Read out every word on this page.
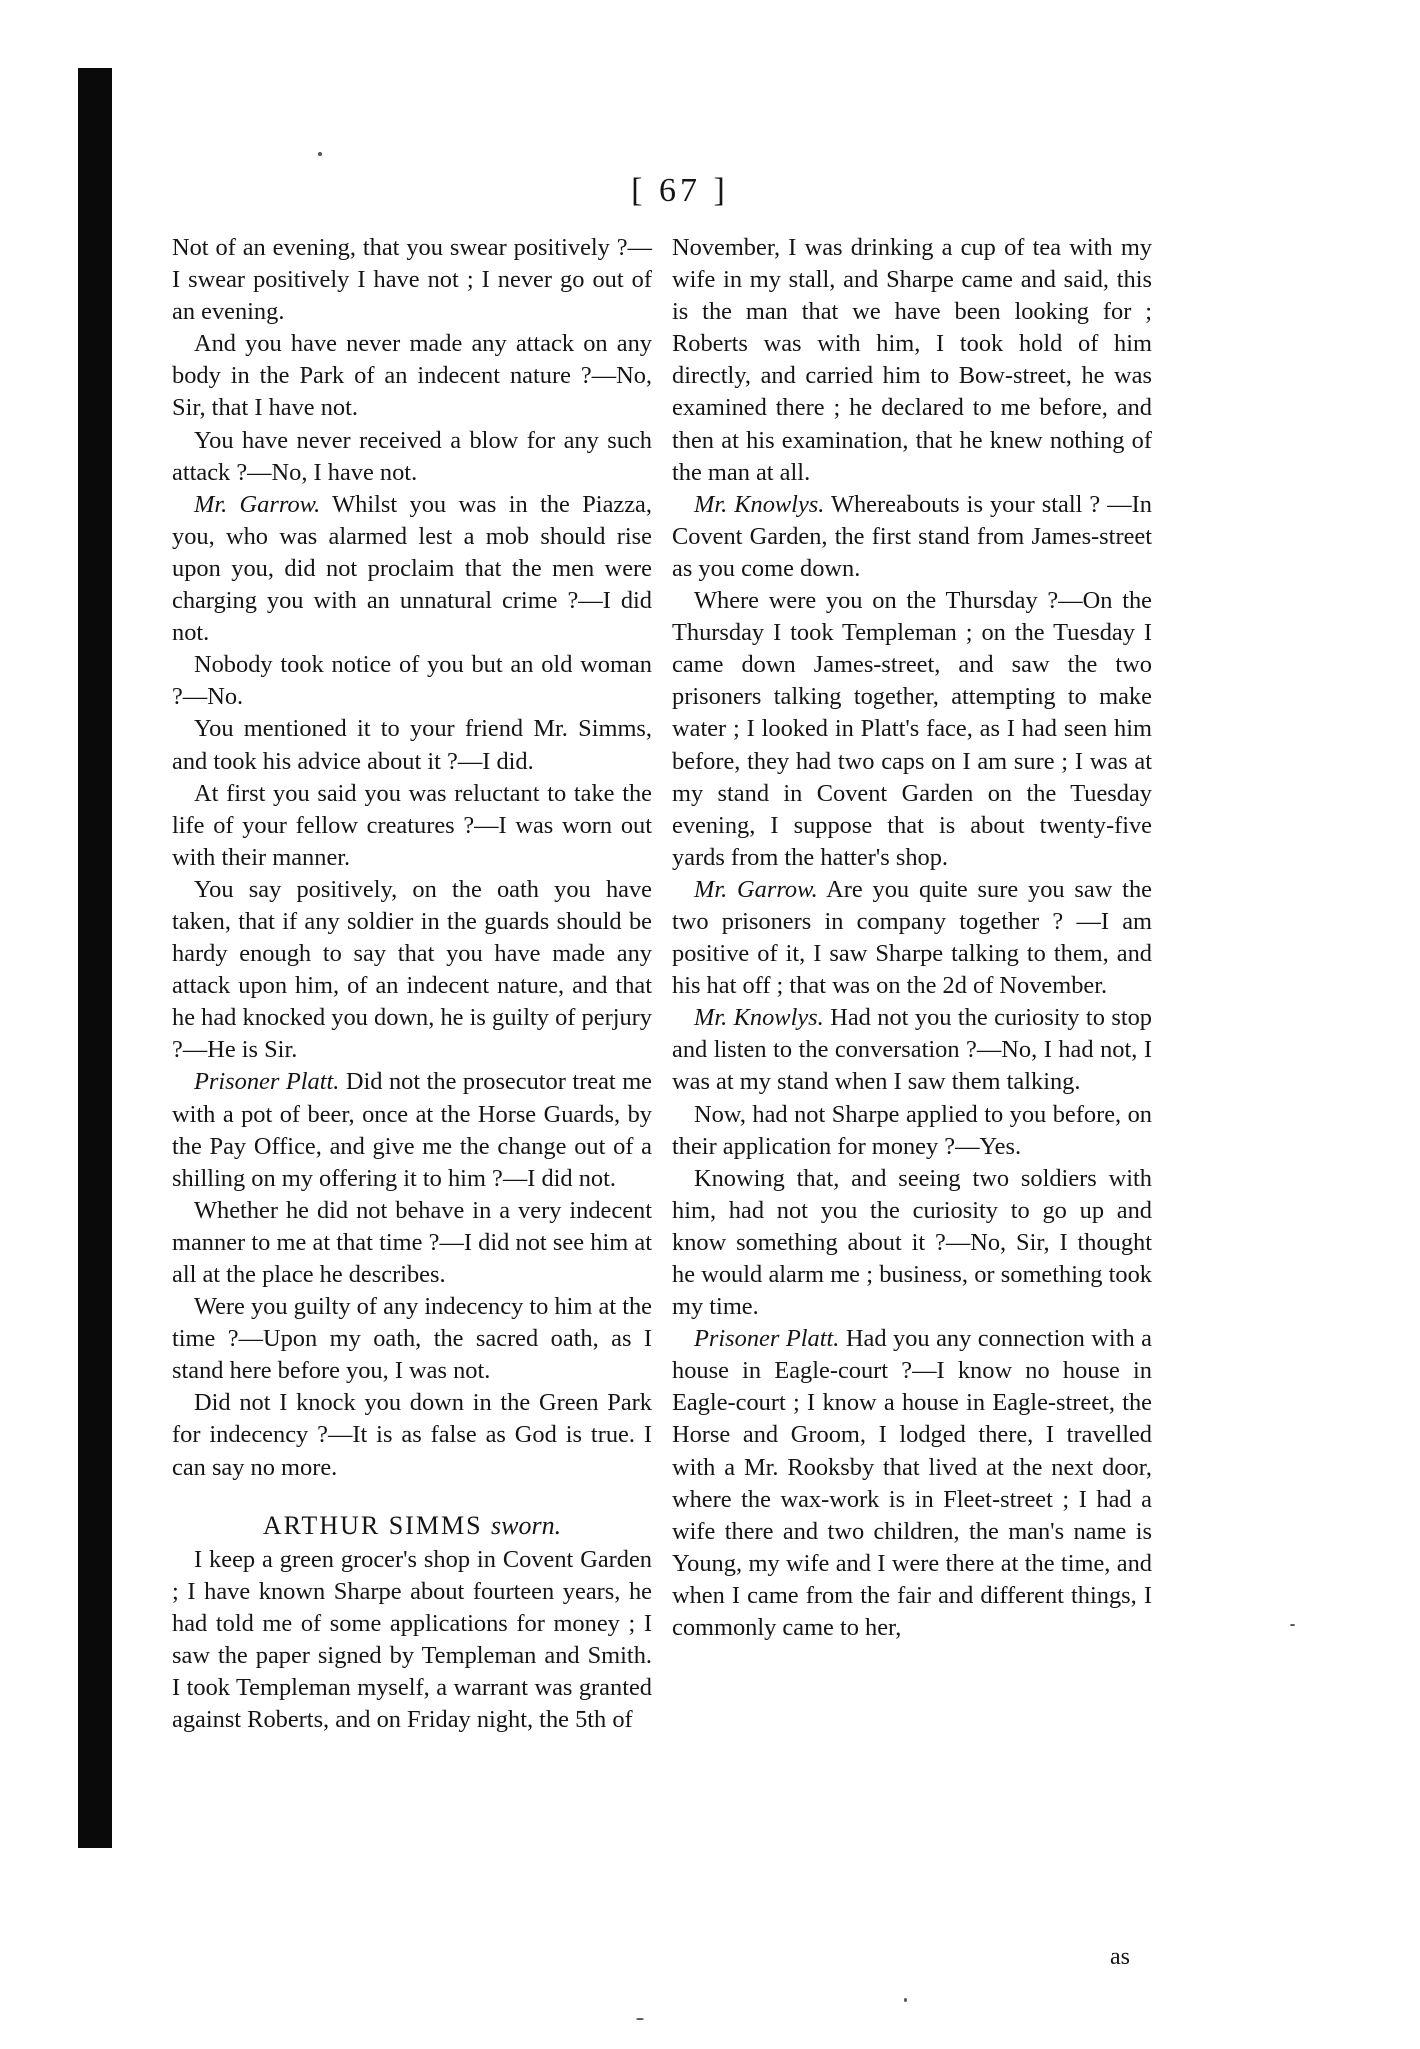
[ 67 ]

Not of an evening, that you swear positively ?—I swear positively I have not ; I never go out of an evening.

And you have never made any attack on any body in the Park of an indecent nature ?—No, Sir, that I have not.

You have never received a blow for any such attack ?—No, I have not.

Mr. Garrow. Whilst you was in the Piazza, you, who was alarmed lest a mob should rise upon you, did not proclaim that the men were charging you with an unnatural crime ?—I did not.

Nobody took notice of you but an old woman ?—No.

You mentioned it to your friend Mr. Simms, and took his advice about it ?—I did.

At first you said you was reluctant to take the life of your fellow creatures ?—I was worn out with their manner.

You say positively, on the oath you have taken, that if any soldier in the guards should be hardy enough to say that you have made any attack upon him, of an indecent nature, and that he had knocked you down, he is guilty of perjury ?—He is Sir.

Prisoner Platt. Did not the prosecutor treat me with a pot of beer, once at the Horse Guards, by the Pay Office, and give me the change out of a shilling on my offering it to him ?—I did not.

Whether he did not behave in a very indecent manner to me at that time ?—I did not see him at all at the place he describes.

Were you guilty of any indecency to him at the time ?—Upon my oath, the sacred oath, as I stand here before you, I was not.

Did not I knock you down in the Green Park for indecency ?—It is as false as God is true. I can say no more.

ARTHUR SIMMS sworn.

I keep a green grocer's shop in Covent Garden ; I have known Sharpe about fourteen years, he had told me of some applications for money ; I saw the paper signed by Templeman and Smith. I took Templeman myself, a warrant was granted against Roberts, and on Friday night, the 5th of

November, I was drinking a cup of tea with my wife in my stall, and Sharpe came and said, this is the man that we have been looking for ; Roberts was with him, I took hold of him directly, and carried him to Bow-street, he was examined there ; he declared to me before, and then at his examination, that he knew nothing of the man at all.

Mr. Knowlys. Whereabouts is your stall ? —In Covent Garden, the first stand from James-street as you come down.

Where were you on the Thursday ?—On the Thursday I took Templeman ; on the Tuesday I came down James-street, and saw the two prisoners talking together, attempting to make water ; I looked in Platt's face, as I had seen him before, they had two caps on I am sure ; I was at my stand in Covent Garden on the Tuesday evening, I suppose that is about twenty-five yards from the hatter's shop.

Mr. Garrow. Are you quite sure you saw the two prisoners in company together ? —I am positive of it, I saw Sharpe talking to them, and his hat off ; that was on the 2d of November.

Mr. Knowlys. Had not you the curiosity to stop and listen to the conversation ?—No, I had not, I was at my stand when I saw them talking.

Now, had not Sharpe applied to you before, on their application for money ?—Yes.

Knowing that, and seeing two soldiers with him, had not you the curiosity to go up and know something about it ?—No, Sir, I thought he would alarm me ; business, or something took my time.

Prisoner Platt. Had you any connection with a house in Eagle-court ?—I know no house in Eagle-court ; I know a house in Eagle-street, the Horse and Groom, I lodged there, I travelled with a Mr. Rooksby that lived at the next door, where the wax-work is in Fleet-street ; I had a wife there and two children, the man's name is Young, my wife and I were there at the time, and when I came from the fair and different things, I commonly came to her,

as
